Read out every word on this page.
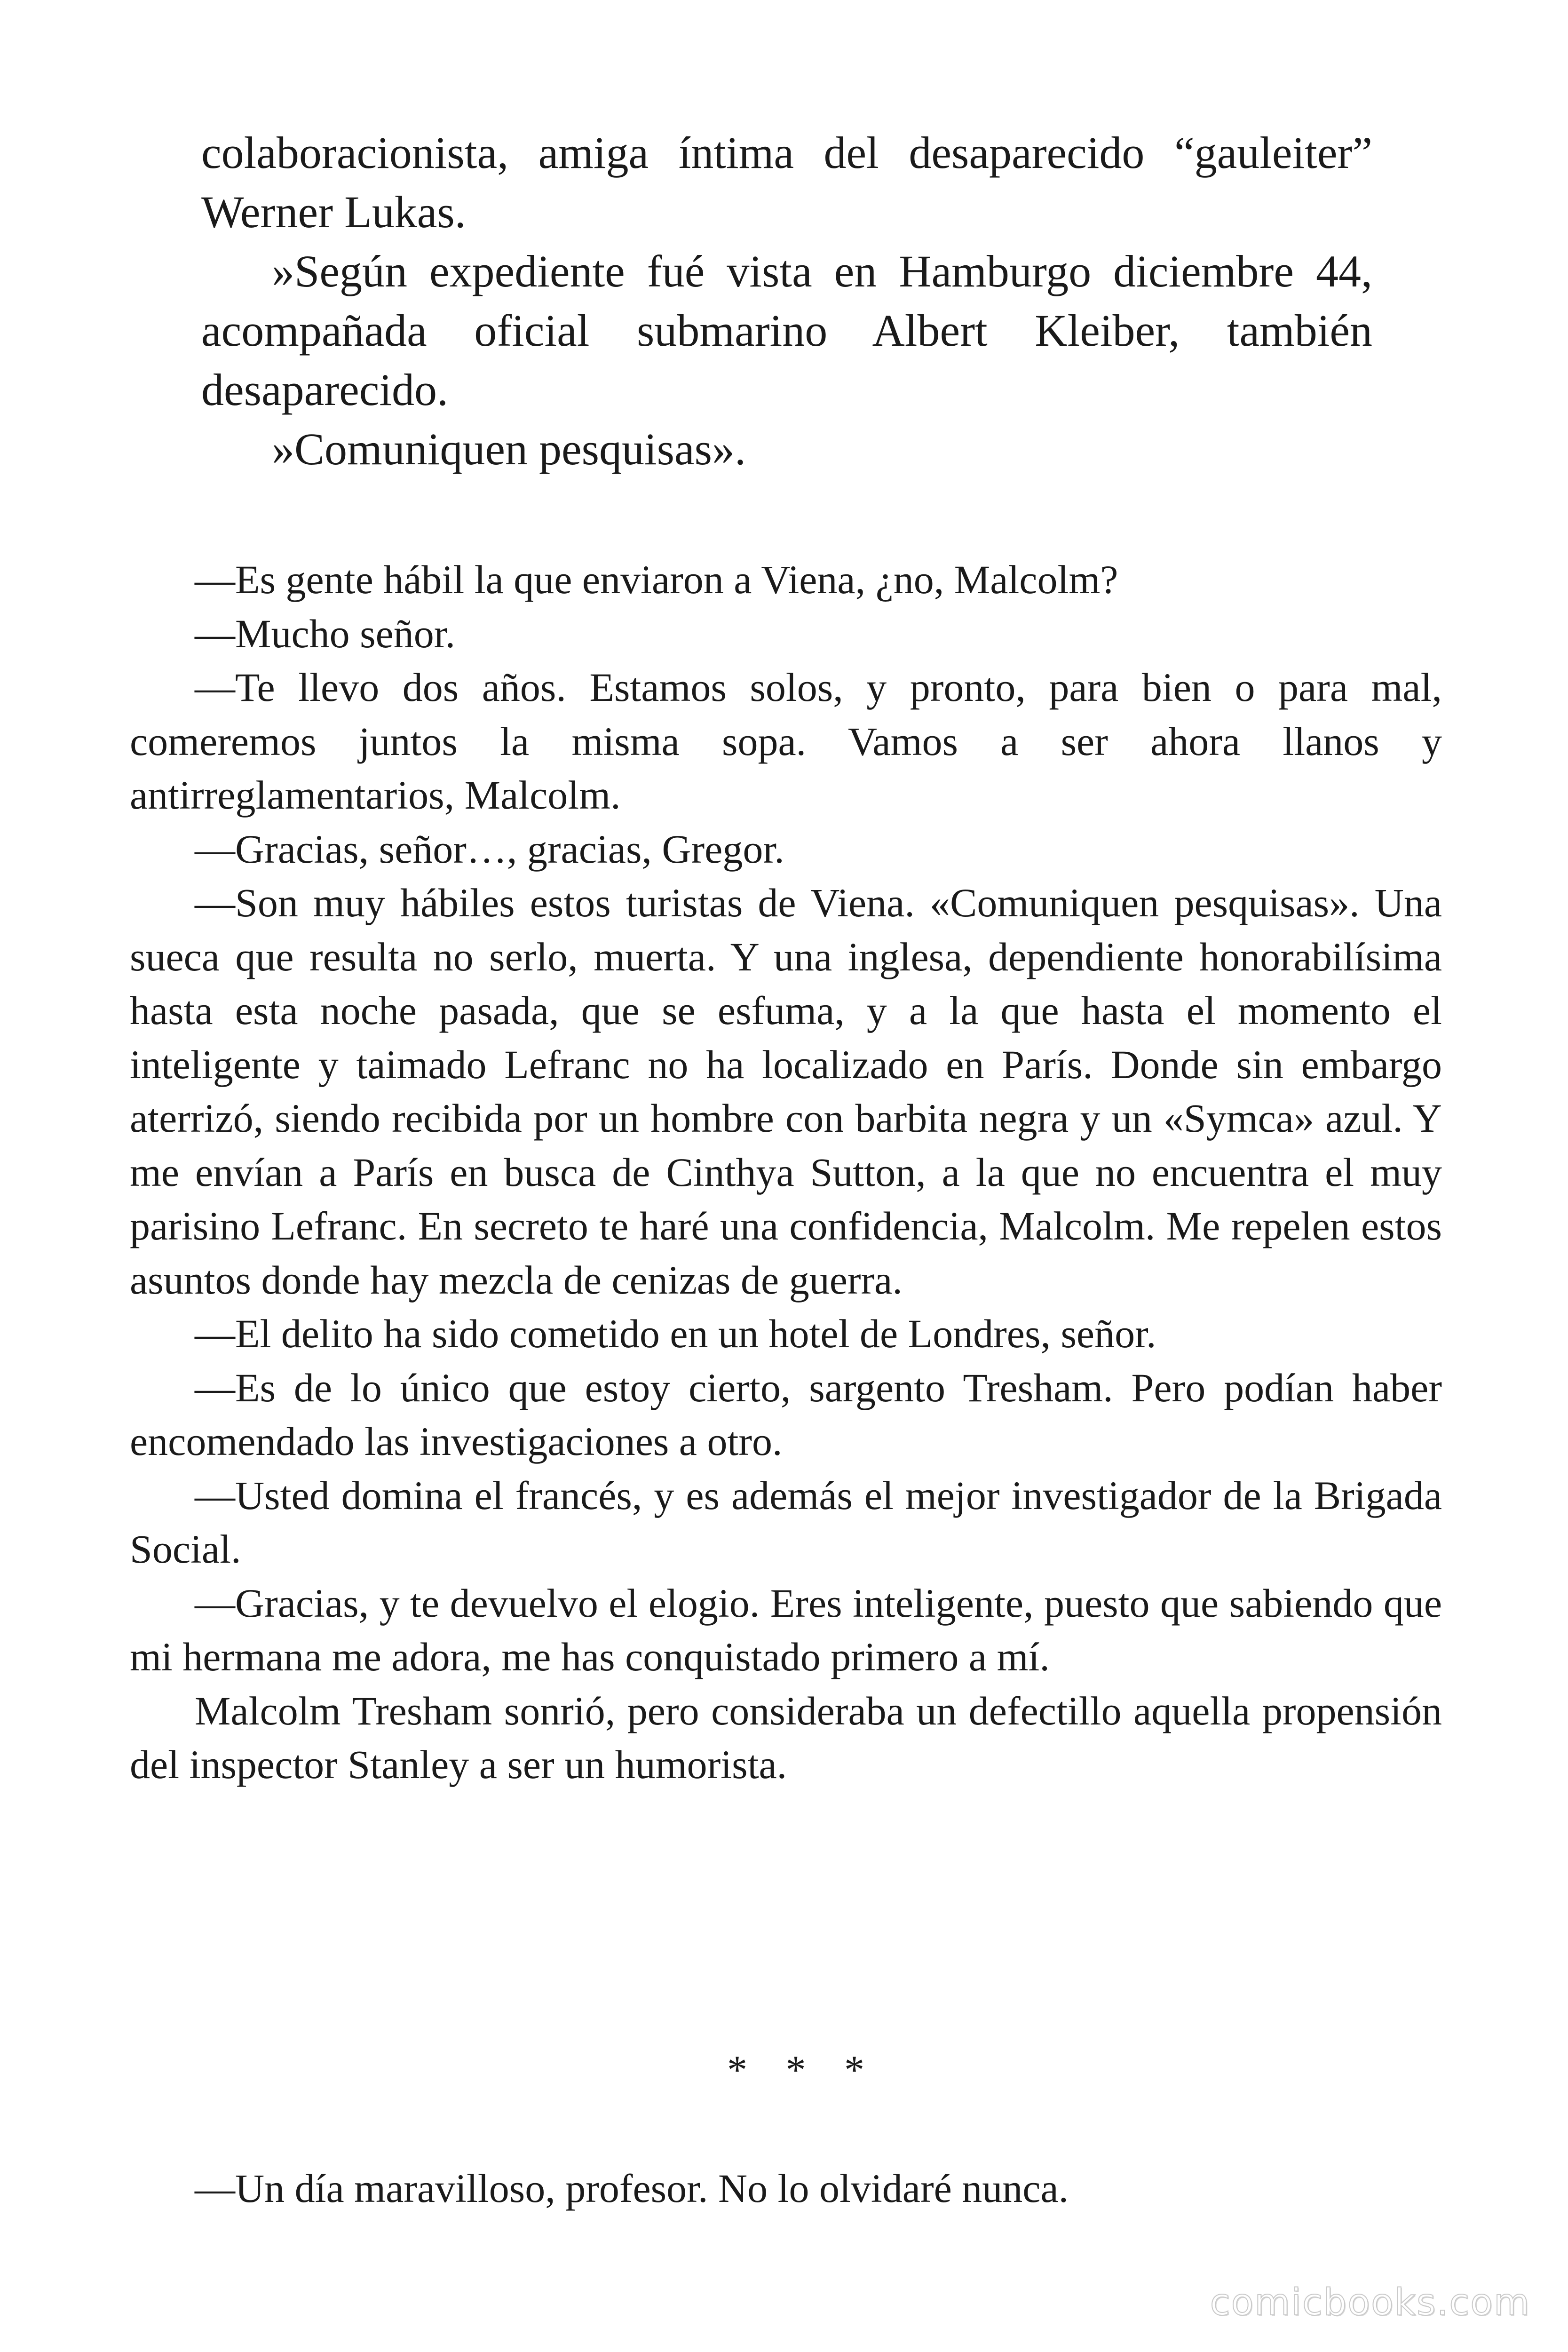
colaboracionista, amiga íntima del desaparecido “gauleiter” Werner Lukas.

»Según expediente fué vista en Hamburgo diciembre 44, acompañada oficial submarino Albert Kleiber, también desaparecido.

»Comuniquen pesquisas».

—Es gente hábil la que enviaron a Viena, ¿no, Malcolm?

—Mucho señor.

—Te llevo dos años. Estamos solos, y pronto, para bien o para mal, comeremos juntos la misma sopa. Vamos a ser ahora llanos y antirreglamentarios, Malcolm.

—Gracias, señor…, gracias, Gregor.

—Son muy hábiles estos turistas de Viena. «Comuniquen pesquisas». Una sueca que resulta no serlo, muerta. Y una inglesa, dependiente honorabilísima hasta esta noche pasada, que se esfuma, y a la que hasta el momento el inteligente y taimado Lefranc no ha localizado en París. Donde sin embargo aterrizó, siendo recibida por un hombre con barbita negra y un «Symca» azul. Y me envían a París en busca de Cinthya Sutton, a la que no encuentra el muy parisino Lefranc. En secreto te haré una confidencia, Malcolm. Me repelen estos asuntos donde hay mezcla de cenizas de guerra.

—El delito ha sido cometido en un hotel de Londres, señor.

—Es de lo único que estoy cierto, sargento Tresham. Pero podían haber encomendado las investigaciones a otro.

—Usted domina el francés, y es además el mejor investigador de la Brigada Social.

—Gracias, y te devuelvo el elogio. Eres inteligente, puesto que sabiendo que mi hermana me adora, me has conquistado primero a mí.

Malcolm Tresham sonrió, pero consideraba un defectillo aquella propensión del inspector Stanley a ser un humorista.

* * *

—Un día maravilloso, profesor. No lo olvidaré nunca.

comicbooks.com
